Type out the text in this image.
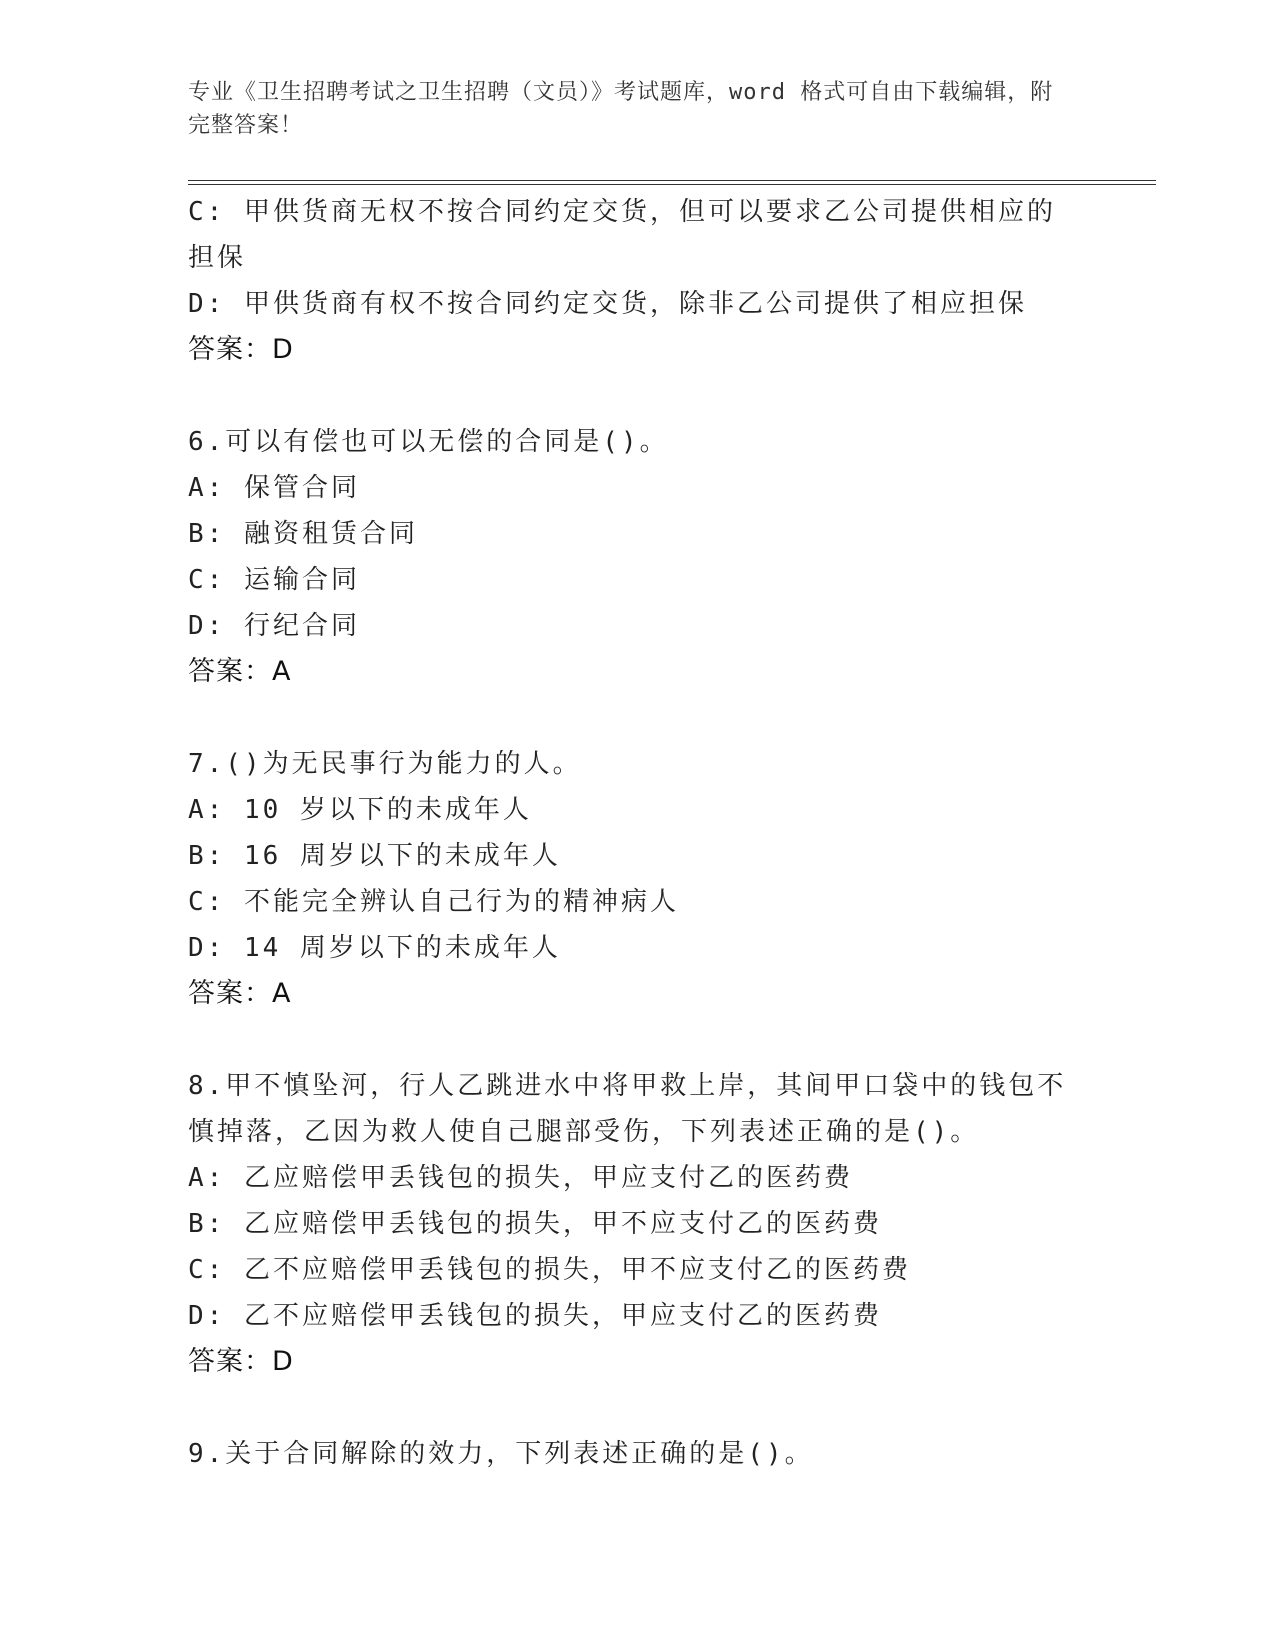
专业《卫生招聘考试之卫生招聘（文员）》考试题库，word 格式可自由下载编辑，附完整答案！
C: 甲供货商无权不按合同约定交货，但可以要求乙公司提供相应的担保
D: 甲供货商有权不按合同约定交货，除非乙公司提供了相应担保
答案：D
6.可以有偿也可以无偿的合同是()。
A: 保管合同
B: 融资租赁合同
C: 运输合同
D: 行纪合同
答案：A
7.()为无民事行为能力的人。
A: 10 岁以下的未成年人
B: 16 周岁以下的未成年人
C: 不能完全辨认自己行为的精神病人
D: 14 周岁以下的未成年人
答案：A
8.甲不慎坠河，行人乙跳进水中将甲救上岸，其间甲口袋中的钱包不慎掉落，乙因为救人使自己腿部受伤，下列表述正确的是()。
A: 乙应赔偿甲丢钱包的损失，甲应支付乙的医药费
B: 乙应赔偿甲丢钱包的损失，甲不应支付乙的医药费
C: 乙不应赔偿甲丢钱包的损失，甲不应支付乙的医药费
D: 乙不应赔偿甲丢钱包的损失，甲应支付乙的医药费
答案：D
9.关于合同解除的效力，下列表述正确的是()。
